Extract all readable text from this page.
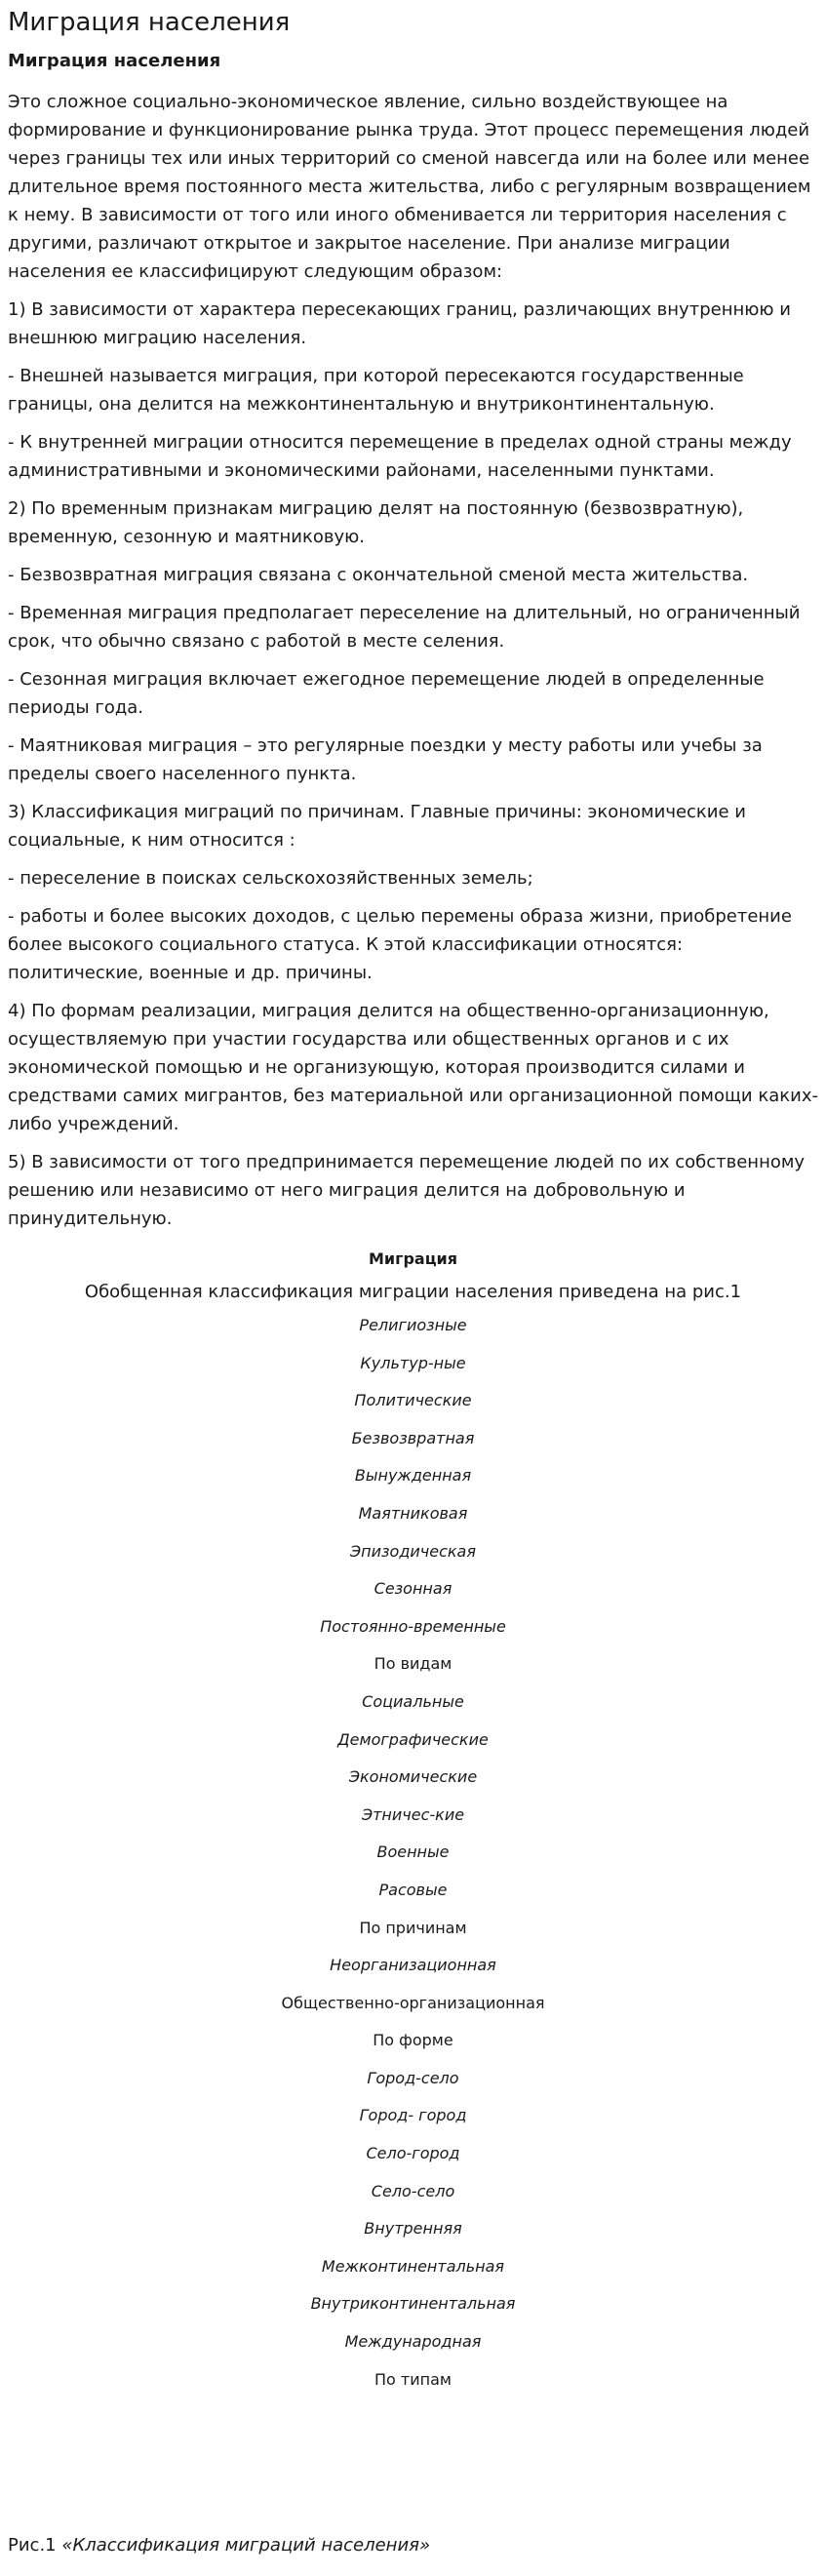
Миграция населения
Миграция населения

Это сложное социально-экономическое явление, сильно воздействующее на формирование и функционирование рынка труда. Этот процесс перемещения людей через границы тех или иных территорий со сменой навсегда или на более или менее длительное время постоянного места жительства, либо с регулярным возвращением к нему. В зависимости от того или иного обменивается ли территория населения с другими, различают открытое и закрытое население. При анализе миграции населения ее классифицируют следующим образом:

1) В зависимости от характера пересекающих границ, различающих внутреннюю и внешнюю миграцию населения.

- Внешней называется миграция, при которой пересекаются государственные границы, она делится на межконтинентальную и внутриконтинентальную.

- К внутренней миграции относится перемещение в пределах одной страны между административными и экономическими районами, населенными пунктами.

2) По временным признакам миграцию делят на постоянную (безвозвратную), временную, сезонную и маятниковую.

- Безвозвратная миграция связана с окончательной сменой места жительства.

- Временная миграция предполагает переселение на длительный, но ограниченный срок, что обычно связано с работой в месте селения.

- Сезонная миграция включает ежегодное перемещение людей в определенные периоды года.

- Маятниковая миграция – это регулярные поездки у месту работы или учебы за пределы своего населенного пункта.

3) Классификация миграций по причинам. Главные причины: экономические и социальные, к ним относится :

- переселение в поисках сельскохозяйственных земель;

- работы и более высоких доходов, с целью перемены образа жизни, приобретение более высокого социального статуса. К этой классификации относятся: политические, военные и др. причины.

4) По формам реализации, миграция делится на общественно-организационную, осуществляемую при участии государства или общественных органов и с их экономической помощью и не организующую, которая производится силами и средствами самих мигрантов, без материальной или организационной помощи каких-либо учреждений.

5) В зависимости от того предпринимается перемещение людей по их собственному решению или независимо от него миграция делится на добровольную и принудительную.

Миграция
Обобщенная классификация миграции населения приведена на рис.1
Религиозные
Культур-ные
Политические
Безвозвратная
Вынужденная
Маятниковая
Эпизодическая
Сезонная
Постоянно-временные
По видам
Социальные
Демографические
Экономические
Этничес-кие
Военные
Расовые
По причинам
Неорганизационная
Общественно-организационная
По форме
Город-село
Город- город
Село-город
Село-село
Внутренняя
Межконтинентальная
Внутриконтинентальная
Международная
По типам
Рис.1 «Классификация миграций населения»
